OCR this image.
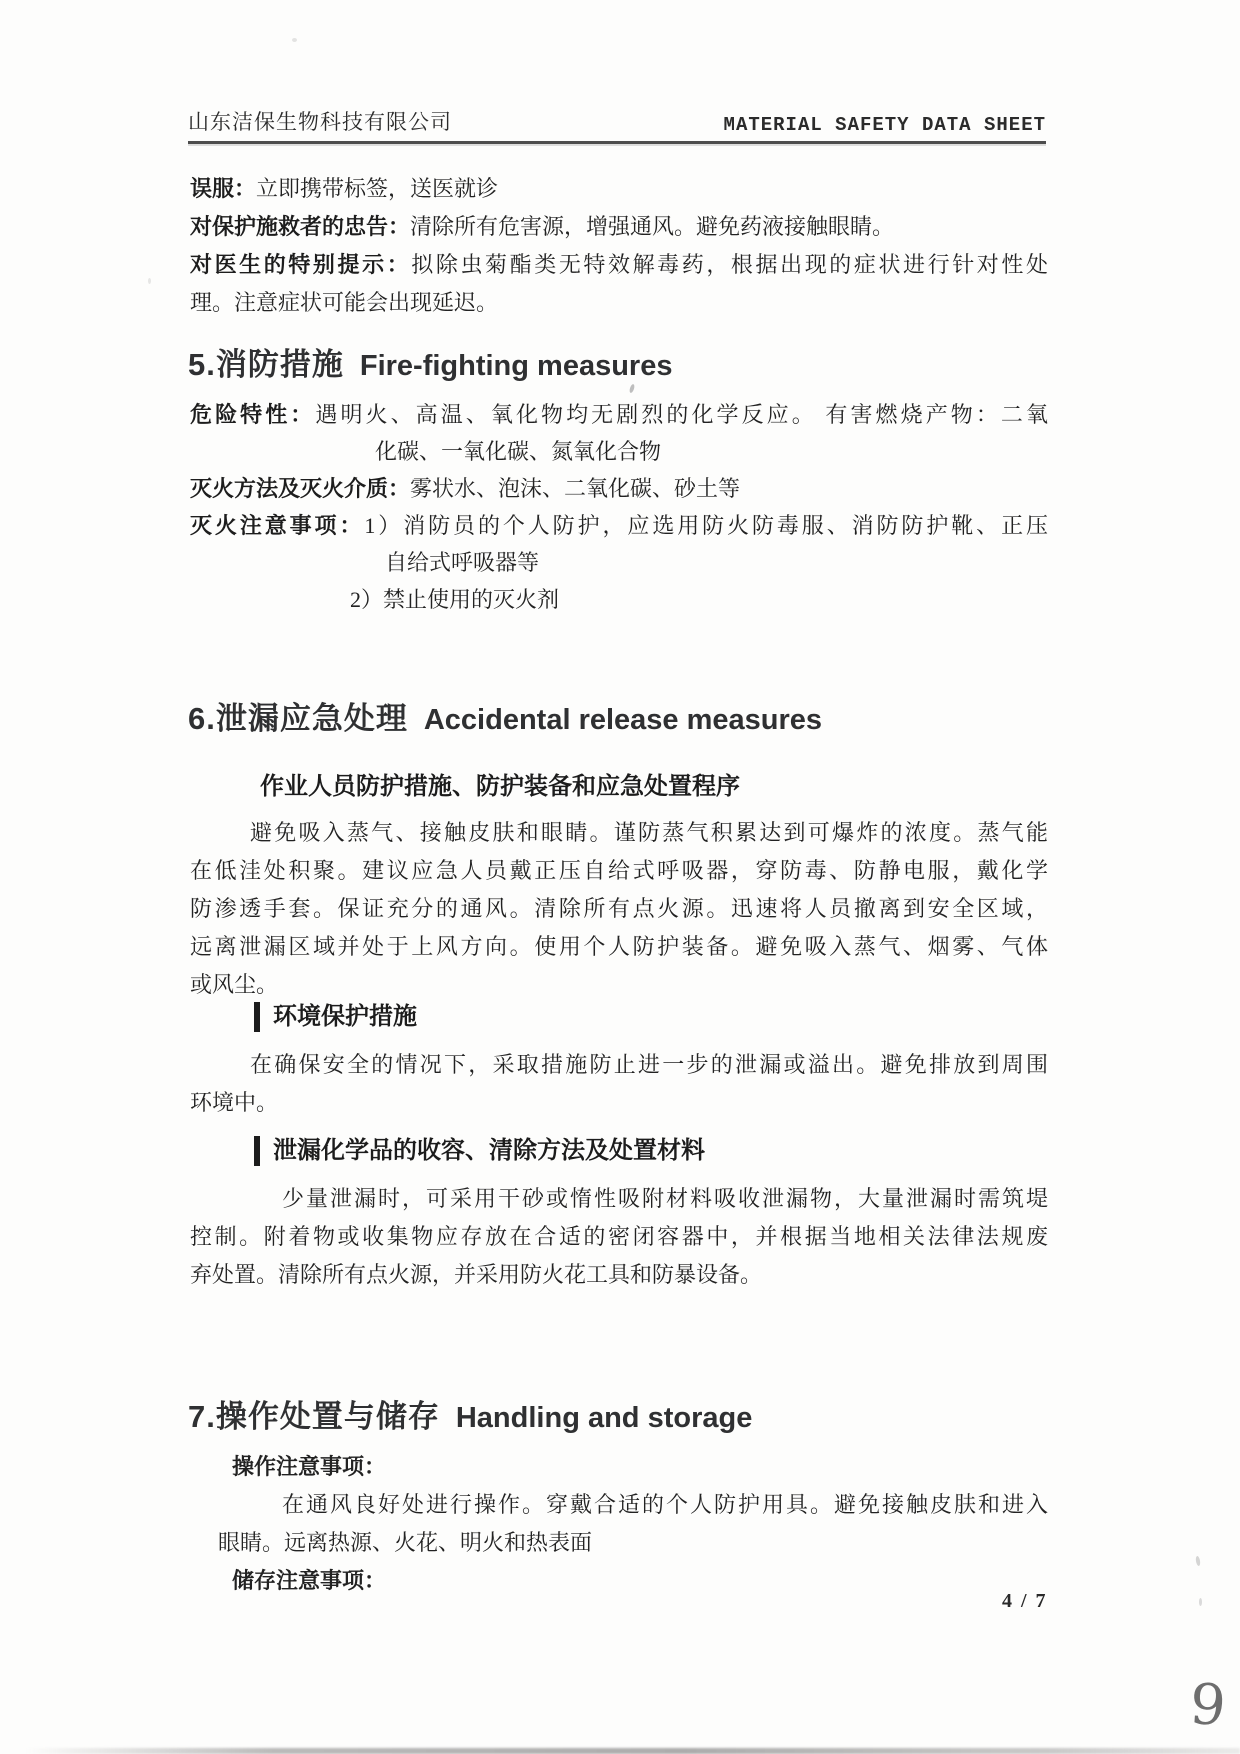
山东洁保生物科技有限公司	MATERIAL SAFETY DATA SHEET
误服：立即携带标签，送医就诊
对保护施救者的忠告：清除所有危害源，增强通风。避免药液接触眼睛。
对医生的特别提示：拟除虫菊酯类无特效解毒药，根据出现的症状进行针对性处
理。注意症状可能会出现延迟。
5.消防措施 Fire-fighting measures
危险特性：遇明火、高温、氧化物均无剧烈的化学反应。 有害燃烧产物：二氧
化碳、一氧化碳、氮氧化合物
灭火方法及灭火介质：雾状水、泡沫、二氧化碳、砂土等
灭火注意事项：1）消防员的个人防护，应选用防火防毒服、消防防护靴、正压
自给式呼吸器等
2）禁止使用的灭火剂
6.泄漏应急处理 Accidental release measures
作业人员防护措施、防护装备和应急处置程序
避免吸入蒸气、接触皮肤和眼睛。谨防蒸气积累达到可爆炸的浓度。蒸气能
在低洼处积聚。建议应急人员戴正压自给式呼吸器，穿防毒、防静电服，戴化学
防渗透手套。保证充分的通风。清除所有点火源。迅速将人员撤离到安全区域，
远离泄漏区域并处于上风方向。使用个人防护装备。避免吸入蒸气、烟雾、气体
或风尘。
环境保护措施
在确保安全的情况下，采取措施防止进一步的泄漏或溢出。避免排放到周围
环境中。
泄漏化学品的收容、清除方法及处置材料
少量泄漏时，可采用干砂或惰性吸附材料吸收泄漏物，大量泄漏时需筑堤
控制。附着物或收集物应存放在合适的密闭容器中，并根据当地相关法律法规废
弃处置。清除所有点火源，并采用防火花工具和防暴设备。
7.操作处置与储存 Handling and storage
操作注意事项：
在通风良好处进行操作。穿戴合适的个人防护用具。避免接触皮肤和进入
眼睛。远离热源、火花、明火和热表面
储存注意事项：
4 / 7
9
